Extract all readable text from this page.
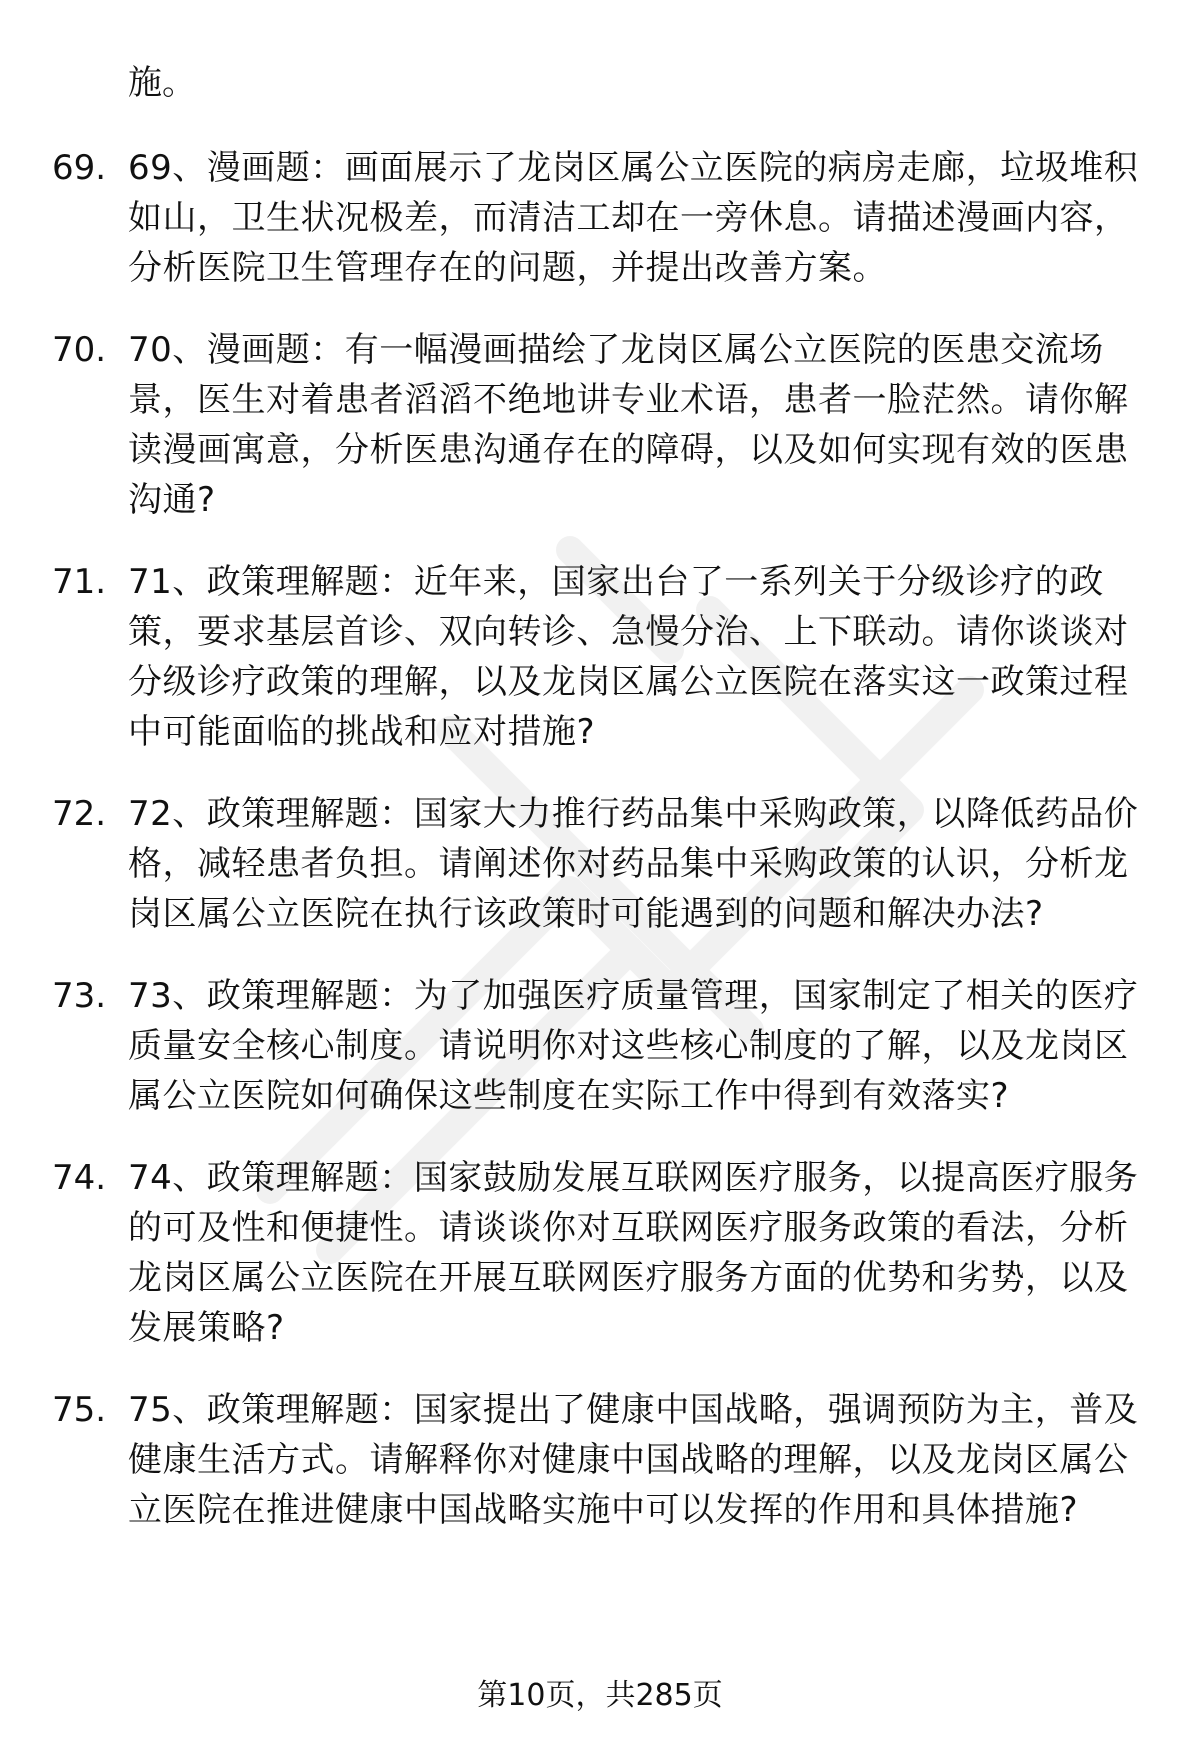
施。

69. 69、漫画题：画面展示了龙岗区属公立医院的病房走廊，垃圾堆积如山，卫生状况极差，而清洁工却在一旁休息。请描述漫画内容，分析医院卫生管理存在的问题，并提出改善方案。
70. 70、漫画题：有一幅漫画描绘了龙岗区属公立医院的医患交流场景，医生对着患者滔滔不绝地讲专业术语，患者一脸茫然。请你解读漫画寓意，分析医患沟通存在的障碍，以及如何实现有效的医患沟通?
71. 71、政策理解题：近年来，国家出台了一系列关于分级诊疗的政策，要求基层首诊、双向转诊、急慢分治、上下联动。请你谈谈对分级诊疗政策的理解，以及龙岗区属公立医院在落实这一政策过程中可能面临的挑战和应对措施?
72. 72、政策理解题：国家大力推行药品集中采购政策，以降低药品价格，减轻患者负担。请阐述你对药品集中采购政策的认识，分析龙岗区属公立医院在执行该政策时可能遇到的问题和解决办法?
73. 73、政策理解题：为了加强医疗质量管理，国家制定了相关的医疗质量安全核心制度。请说明你对这些核心制度的了解，以及龙岗区属公立医院如何确保这些制度在实际工作中得到有效落实?
74. 74、政策理解题：国家鼓励发展互联网医疗服务，以提高医疗服务的可及性和便捷性。请谈谈你对互联网医疗服务政策的看法，分析龙岗区属公立医院在开展互联网医疗服务方面的优势和劣势，以及发展策略?
75. 75、政策理解题：国家提出了健康中国战略，强调预防为主，普及健康生活方式。请解释你对健康中国战略的理解，以及龙岗区属公立医院在推进健康中国战略实施中可以发挥的作用和具体措施?
第10页，共285页
